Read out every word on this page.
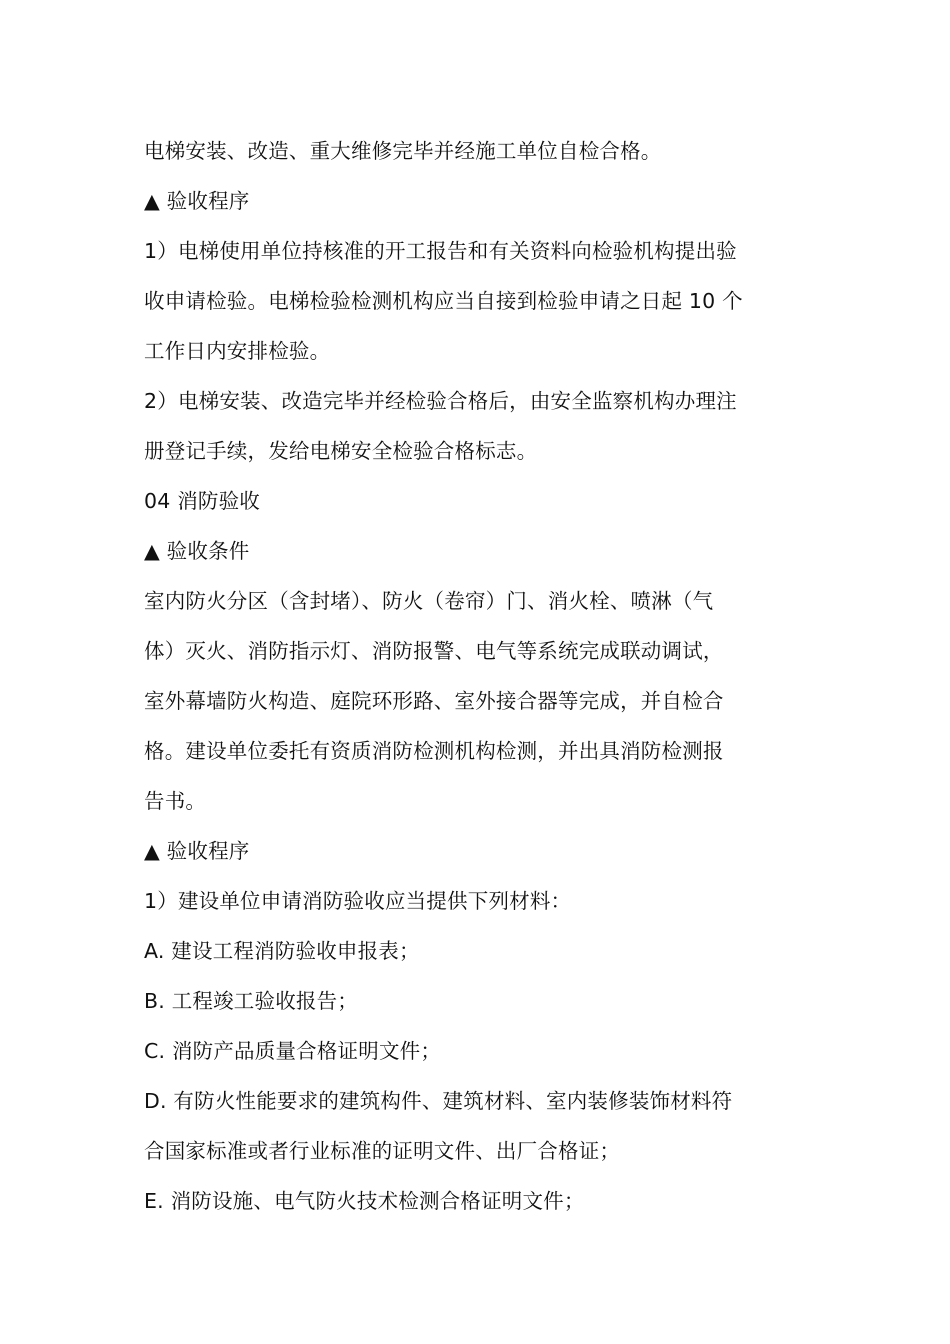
电梯安装、改造、重大维修完毕并经施工单位自检合格。
▲ 验收程序
1）电梯使用单位持核准的开工报告和有关资料向检验机构提出验
收申请检验。电梯检验检测机构应当自接到检验申请之日起 10 个
工作日内安排检验。
2）电梯安装、改造完毕并经检验合格后，由安全监察机构办理注
册登记手续，发给电梯安全检验合格标志。
04 消防验收
▲ 验收条件
室内防火分区（含封堵）、防火（卷帘）门、消火栓、喷淋（气
体）灭火、消防指示灯、消防报警、电气等系统完成联动调试，
室外幕墙防火构造、庭院环形路、室外接合器等完成，并自检合
格。建设单位委托有资质消防检测机构检测，并出具消防检测报
告书。
▲ 验收程序
1）建设单位申请消防验收应当提供下列材料：
A. 建设工程消防验收申报表；
B. 工程竣工验收报告；
C. 消防产品质量合格证明文件；
D. 有防火性能要求的建筑构件、建筑材料、室内装修装饰材料符
合国家标准或者行业标准的证明文件、出厂合格证；
E. 消防设施、电气防火技术检测合格证明文件；
